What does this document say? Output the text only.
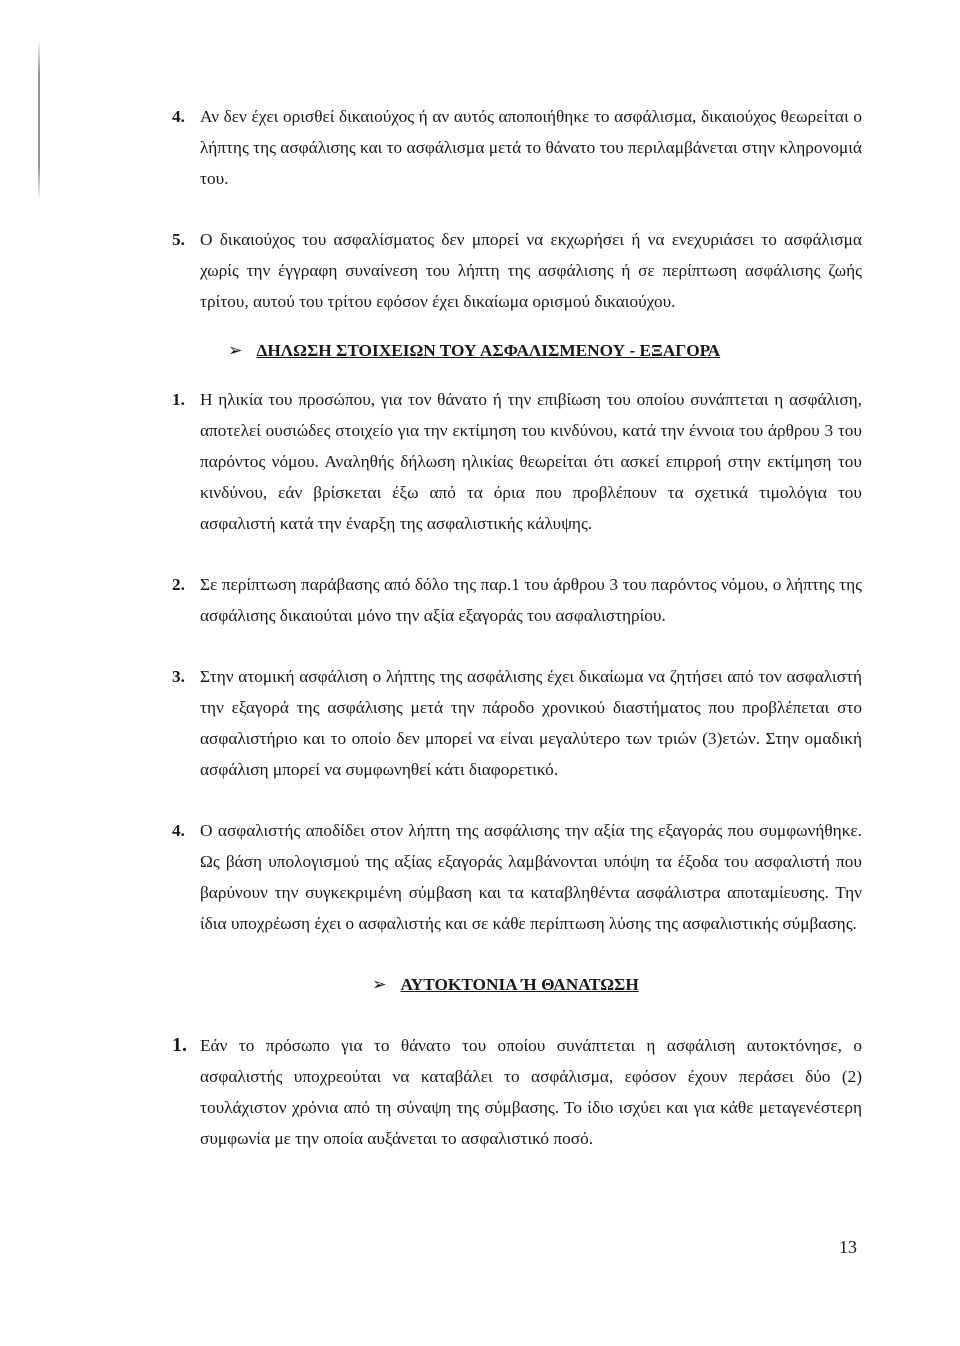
4. Αν δεν έχει ορισθεί δικαιούχος ή αν αυτός αποποιήθηκε το ασφάλισμα, δικαιούχος θεωρείται ο λήπτης της ασφάλισης και το ασφάλισμα μετά το θάνατο του περιλαμβάνεται στην κληρονομιά του.
5. Ο δικαιούχος του ασφαλίσματος δεν μπορεί να εκχωρήσει ή να ενεχυριάσει το ασφάλισμα χωρίς την έγγραφη συναίνεση του λήπτη της ασφάλισης ή σε περίπτωση ασφάλισης ζωής τρίτου, αυτού του τρίτου εφόσον έχει δικαίωμα ορισμού δικαιούχου.
➢ ΔΗΛΩΣΗ ΣΤΟΙΧΕΙΩΝ ΤΟΥ ΑΣΦΑΛΙΣΜΕΝΟΥ - ΕΞΑΓΟΡΑ
1. Η ηλικία του προσώπου, για τον θάνατο ή την επιβίωση του οποίου συνάπτεται η ασφάλιση, αποτελεί ουσιώδες στοιχείο για την εκτίμηση του κινδύνου, κατά την έννοια του άρθρου 3 του παρόντος νόμου. Αναληθής δήλωση ηλικίας θεωρείται ότι ασκεί επιρροή στην εκτίμηση του κινδύνου, εάν βρίσκεται έξω από τα όρια που προβλέπουν τα σχετικά τιμολόγια του ασφαλιστή κατά την έναρξη της ασφαλιστικής κάλυψης.
2. Σε περίπτωση παράβασης από δόλο της παρ.1 του άρθρου 3 του παρόντος νόμου, ο λήπτης της ασφάλισης δικαιούται μόνο την αξία εξαγοράς του ασφαλιστηρίου.
3. Στην ατομική ασφάλιση ο λήπτης της ασφάλισης έχει δικαίωμα να ζητήσει από τον ασφαλιστή την εξαγορά της ασφάλισης μετά την πάροδο χρονικού διαστήματος που προβλέπεται στο ασφαλιστήριο και το οποίο δεν μπορεί να είναι μεγαλύτερο των τριών (3)ετών. Στην ομαδική ασφάλιση μπορεί να συμφωνηθεί κάτι διαφορετικό.
4. Ο ασφαλιστής αποδίδει στον λήπτη της ασφάλισης την αξία της εξαγοράς που συμφωνήθηκε. Ως βάση υπολογισμού της αξίας εξαγοράς λαμβάνονται υπόψη τα έξοδα του ασφαλιστή που βαρύνουν την συγκεκριμένη σύμβαση και τα καταβληθέντα ασφάλιστρα αποταμίευσης. Την ίδια υποχρέωση έχει ο ασφαλιστής και σε κάθε περίπτωση λύσης της ασφαλιστικής σύμβασης.
➢ ΑΥΤΟΚΤΟΝΙΑ Ή ΘΑΝΑΤΩΣΗ
1. Εάν το πρόσωπο για το θάνατο του οποίου συνάπτεται η ασφάλιση αυτοκτόνησε, ο ασφαλιστής υποχρεούται να καταβάλει το ασφάλισμα, εφόσον έχουν περάσει δύο (2) τουλάχιστον χρόνια από τη σύναψη της σύμβασης. Το ίδιο ισχύει και για κάθε μεταγενέστερη συμφωνία με την οποία αυξάνεται το ασφαλιστικό ποσό.
13
